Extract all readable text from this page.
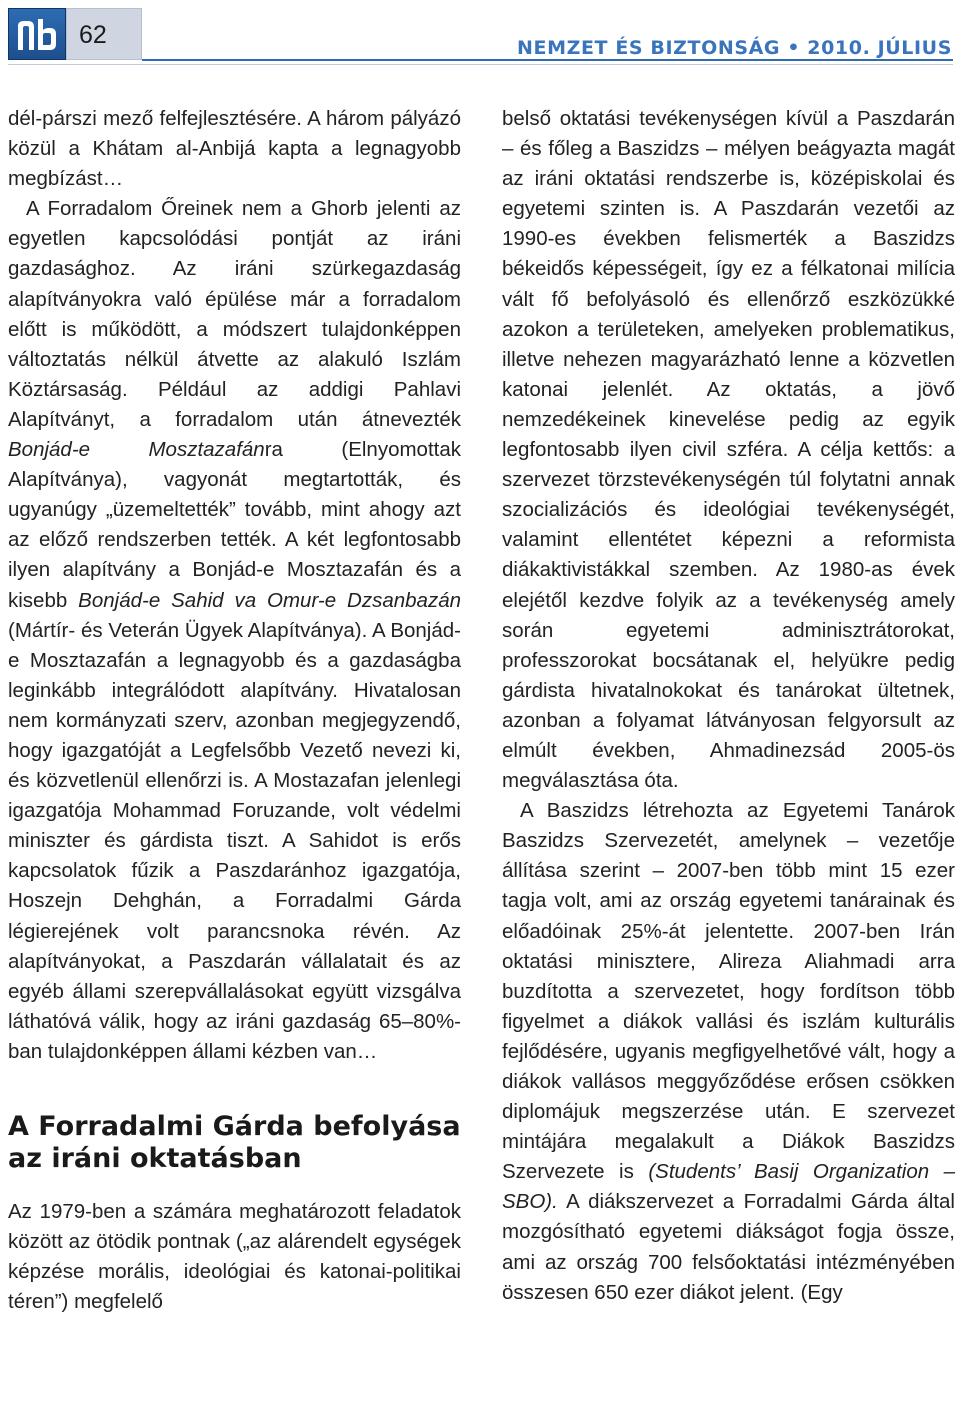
62	NEMZET ÉS BIZTONSÁG • 2010. JÚLIUS

dél-párszi mező felfejlesztésére. A három pályázó közül a Khátam al-Anbijá kapta a legnagyobb megbízást…

A Forradalom Őreinek nem a Ghorb jelenti az egyetlen kapcsolódási pontját az iráni gazdasághoz. Az iráni szürkegazdaság alapítványokra való épülése már a forradalom előtt is működött, a módszert tulajdonképpen változtatás nélkül átvette az alakuló Iszlám Köztársaság. Például az addigi Pahlavi Alapítványt, a forradalom után átnevezték Bonjád-e Mosztazafánra (Elnyomottak Alapítványa), vagyonát megtartották, és ugyanúgy „üzemeltették” tovább, mint ahogy azt az előző rendszerben tették. A két legfontosabb ilyen alapítvány a Bonjád-e Mosztazafán és a kisebb Bonjád-e Sahid va Omur-e Dzsanbazán (Mártír- és Veterán Ügyek Alapítványa). A Bonjád-e Mosztazafán a legnagyobb és a gazdaságba leginkább integrálódott alapítvány. Hivatalosan nem kormányzati szerv, azonban megjegyzendő, hogy igazgatóját a Legfelsőbb Vezető nevezi ki, és közvetlenül ellenőrzi is. A Mostazafan jelenlegi igazgatója Mohammad Foruzande, volt védelmi miniszter és gárdista tiszt. A Sahidot is erős kapcsolatok fűzik a Paszdaránhoz igazgatója, Hoszejn Dehghán, a Forradalmi Gárda légierejének volt parancsnoka révén. Az alapítványokat, a Paszdarán vállalatait és az egyéb állami szerepvállalásokat együtt vizsgálva láthatóvá válik, hogy az iráni gazdaság 65–80%-ban tulajdonképpen állami kézben van…

A Forradalmi Gárda befolyása az iráni oktatásban

Az 1979-ben a számára meghatározott feladatok között az ötödik pontnak („az alárendelt egységek képzése morális, ideológiai és katonai-politikai téren”) megfelelő

belső oktatási tevékenységen kívül a Paszdarán – és főleg a Baszidzs – mélyen beágyazta magát az iráni oktatási rendszerbe is, középiskolai és egyetemi szinten is. A Paszdarán vezetői az 1990-es években felismerték a Baszidzs békeidős képességeit, így ez a félkatonai milícia vált fő befolyásoló és ellenőrző eszközükké azokon a területeken, amelyeken problematikus, illetve nehezen magyarázható lenne a közvetlen katonai jelenlét. Az oktatás, a jövő nemzedékeinek kinevelése pedig az egyik legfontosabb ilyen civil szféra. A célja kettős: a szervezet törzstevékenységén túl folytatni annak szocializációs és ideológiai tevékenységét, valamint ellentétet képezni a reformista diákaktivistákkal szemben. Az 1980-as évek elejétől kezdve folyik az a tevékenység amely során egyetemi adminisztrátorokat, professzorokat bocsátanak el, helyükre pedig gárdista hivatalnokokat és tanárokat ültetnek, azonban a folyamat látványosan felgyorsult az elmúlt években, Ahmadinezsád 2005-ös megválasztása óta.

A Baszidzs létrehozta az Egyetemi Tanárok Baszidzs Szervezetét, amelynek – vezetője állítása szerint – 2007-ben több mint 15 ezer tagja volt, ami az ország egyetemi tanárainak és előadóinak 25%-át jelentette. 2007-ben Irán oktatási minisztere, Alireza Aliahmadi arra buzdította a szervezetet, hogy fordítson több figyelmet a diákok vallási és iszlám kulturális fejlődésére, ugyanis megfigyelhetővé vált, hogy a diákok vallásos meggyőződése erősen csökken diplomájuk megszerzése után. E szervezet mintájára megalakult a Diákok Baszidzs Szervezete is (Students’ Basij Organization – SBO). A diákszervezet a Forradalmi Gárda által mozgósítható egyetemi diákságot fogja össze, ami az ország 700 felsőoktatási intézményében összesen 650 ezer diákot jelent. (Egy
